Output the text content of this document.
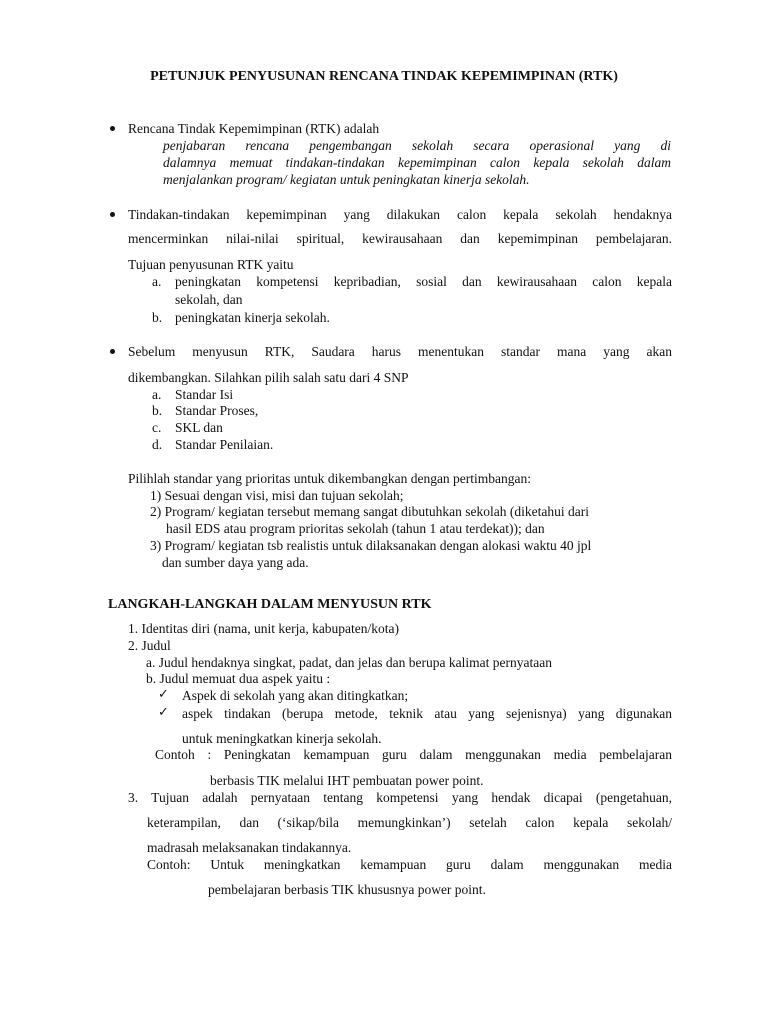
PETUNJUK PENYUSUNAN RENCANA TINDAK KEPEMIMPINAN (RTK)
Rencana Tindak Kepemimpinan (RTK) adalah
penjabaran rencana pengembangan sekolah secara operasional yang di
dalamnya memuat tindakan-tindakan kepemimpinan calon kepala sekolah dalam
menjalankan program/ kegiatan untuk peningkatan kinerja sekolah.
Tindakan-tindakan kepemimpinan yang dilakukan calon kepala sekolah hendaknya
mencerminkan nilai-nilai spiritual, kewirausahaan dan kepemimpinan pembelajaran.
Tujuan penyusunan RTK yaitu
a. peningkatan kompetensi kepribadian, sosial dan kewirausahaan calon kepala
sekolah, dan
b. peningkatan kinerja sekolah.
Sebelum menyusun RTK, Saudara harus menentukan standar mana yang akan
dikembangkan. Silahkan pilih salah satu dari 4 SNP
a. Standar Isi
b. Standar Proses,
c. SKL dan
d. Standar Penilaian.
Pilihlah standar yang prioritas untuk dikembangkan dengan pertimbangan:
1) Sesuai dengan visi, misi dan tujuan sekolah;
2) Program/ kegiatan tersebut memang sangat dibutuhkan sekolah (diketahui dari
hasil EDS atau program prioritas sekolah (tahun 1 atau terdekat)); dan
3) Program/ kegiatan tsb realistis untuk dilaksanakan dengan alokasi waktu 40 jpl
dan sumber daya yang ada.
LANGKAH-LANGKAH DALAM MENYUSUN RTK
1. Identitas diri (nama, unit kerja, kabupaten/kota)
2. Judul
a. Judul hendaknya singkat, padat, dan jelas dan berupa kalimat pernyataan
b. Judul memuat dua aspek yaitu :
✓ Aspek di sekolah yang akan ditingkatkan;
✓ aspek tindakan (berupa metode, teknik atau yang sejenisnya) yang digunakan
untuk meningkatkan kinerja sekolah.
Contoh : Peningkatan kemampuan guru dalam menggunakan media pembelajaran
berbasis TIK melalui IHT pembuatan power point.
3. Tujuan adalah pernyataan tentang kompetensi yang hendak dicapai (pengetahuan,
keterampilan, dan (‘sikap/bila memungkinkan’) setelah calon kepala sekolah/
madrasah melaksanakan tindakannya.
Contoh: Untuk meningkatkan kemampuan guru dalam menggunakan media
pembelajaran berbasis TIK khususnya power point.
